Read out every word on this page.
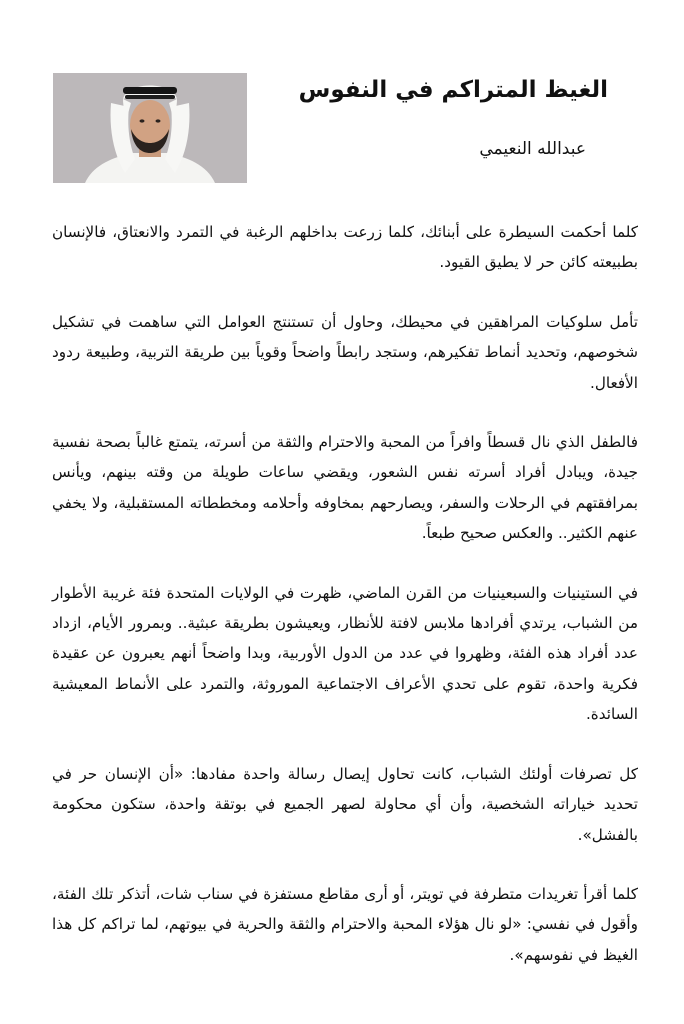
الغيظ المتراكم في النفوس
عبدالله النعيمي

كلما أحكمت السيطرة على أبنائك، كلما زرعت بداخلهم الرغبة في التمرد والانعتاق، فالإنسان بطبيعته كائن حر لا يطيق القيود.

تأمل سلوكيات المراهقين في محيطك، وحاول أن تستنتج العوامل التي ساهمت في تشكيل شخوصهم، وتحديد أنماط تفكيرهم، وستجد رابطاً واضحاً وقوياً بين طريقة التربية، وطبيعة ردود الأفعال.

فالطفل الذي نال قسطاً وافراً من المحبة والاحترام والثقة من أسرته، يتمتع غالباً بصحة نفسية جيدة، ويبادل أفراد أسرته نفس الشعور، ويقضي ساعات طويلة من وقته بينهم، ويأنس بمرافقتهم في الرحلات والسفر، ويصارحهم بمخاوفه وأحلامه ومخططاته المستقبلية، ولا يخفي عنهم الكثير.. والعكس صحيح طبعاً.

في الستينيات والسبعينيات من القرن الماضي، ظهرت في الولايات المتحدة فئة غريبة الأطوار من الشباب، يرتدي أفرادها ملابس لافتة للأنظار، ويعيشون بطريقة عبثية.. وبمرور الأيام، ازداد عدد أفراد هذه الفئة، وظهروا في عدد من الدول الأوربية، وبدا واضحاً أنهم يعبرون عن عقيدة فكرية واحدة، تقوم على تحدي الأعراف الاجتماعية الموروثة، والتمرد على الأنماط المعيشية السائدة.

كل تصرفات أولئك الشباب، كانت تحاول إيصال رسالة واحدة مفادها: «أن الإنسان حر في تحديد خياراته الشخصية، وأن أي محاولة لصهر الجميع في بوتقة واحدة، ستكون محكومة بالفشل».

كلما أقرأ تغريدات متطرفة في تويتر، أو أرى مقاطع مستفزة في سناب شات، أتذكر تلك الفئة، وأقول في نفسي: «لو نال هؤلاء المحبة والاحترام والثقة والحرية في بيوتهم، لما تراكم كل هذا الغيظ في نفوسهم».
